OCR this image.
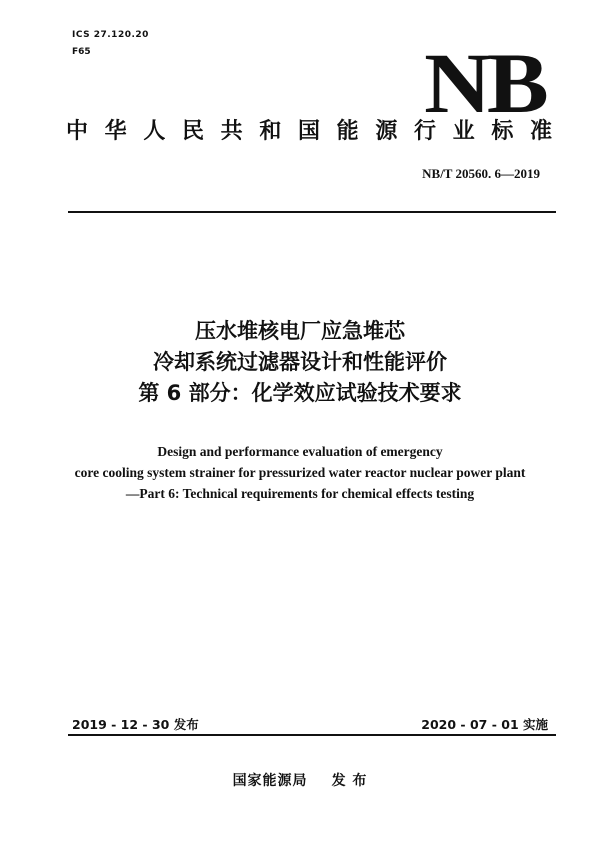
ICS 27.120.20
F65	NB
中华人民共和国能源行业标准
NB/T 20560. 6—2019
压水堆核电厂应急堆芯
冷却系统过滤器设计和性能评价
第 6 部分：化学效应试验技术要求
Design and performance evaluation of emergency
core cooling system strainer for pressurized water reactor nuclear power plant
—Part 6: Technical requirements for chemical effects testing
2019 - 12 - 30 发布	2020 - 07 - 01 实施
国家能源局 发 布
